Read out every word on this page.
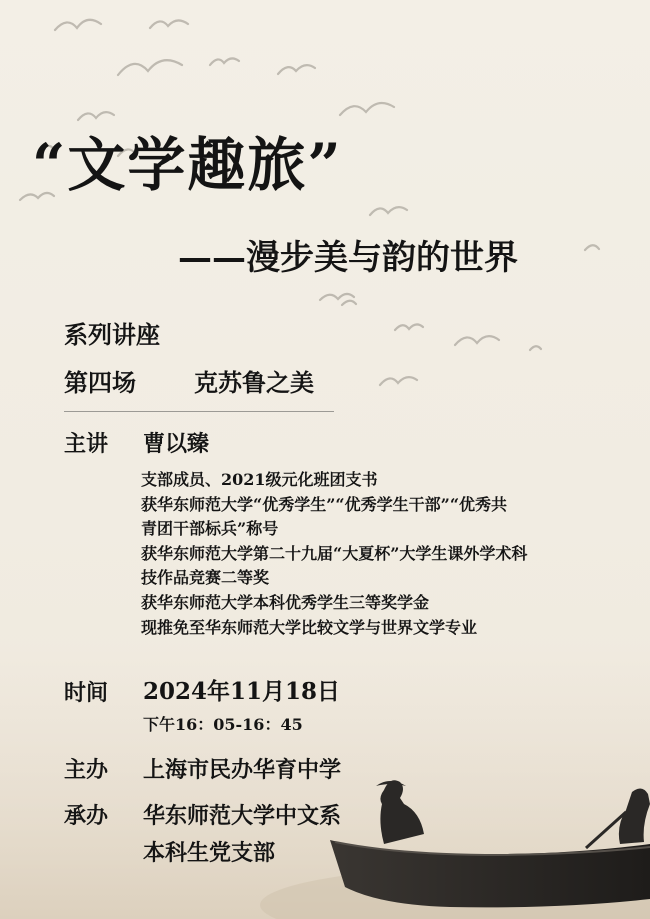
“文学趣旅”
——漫步美与韵的世界
系列讲座
第四场 克苏鲁之美
主讲 曹以臻
支部成员、2021级元化班团支书
获华东师范大学“优秀学生”“优秀学生干部”“优秀共
青团干部标兵”称号
获华东师范大学第二十九届“大夏杯”大学生课外学术科
技作品竞赛二等奖
获华东师范大学本科优秀学生三等奖学金
现推免至华东师范大学比较文学与世界文学专业
时间 2024年11月18日
下午16：05-16：45
主办 上海市民办华育中学
承办 华东师范大学中文系
本科生党支部
